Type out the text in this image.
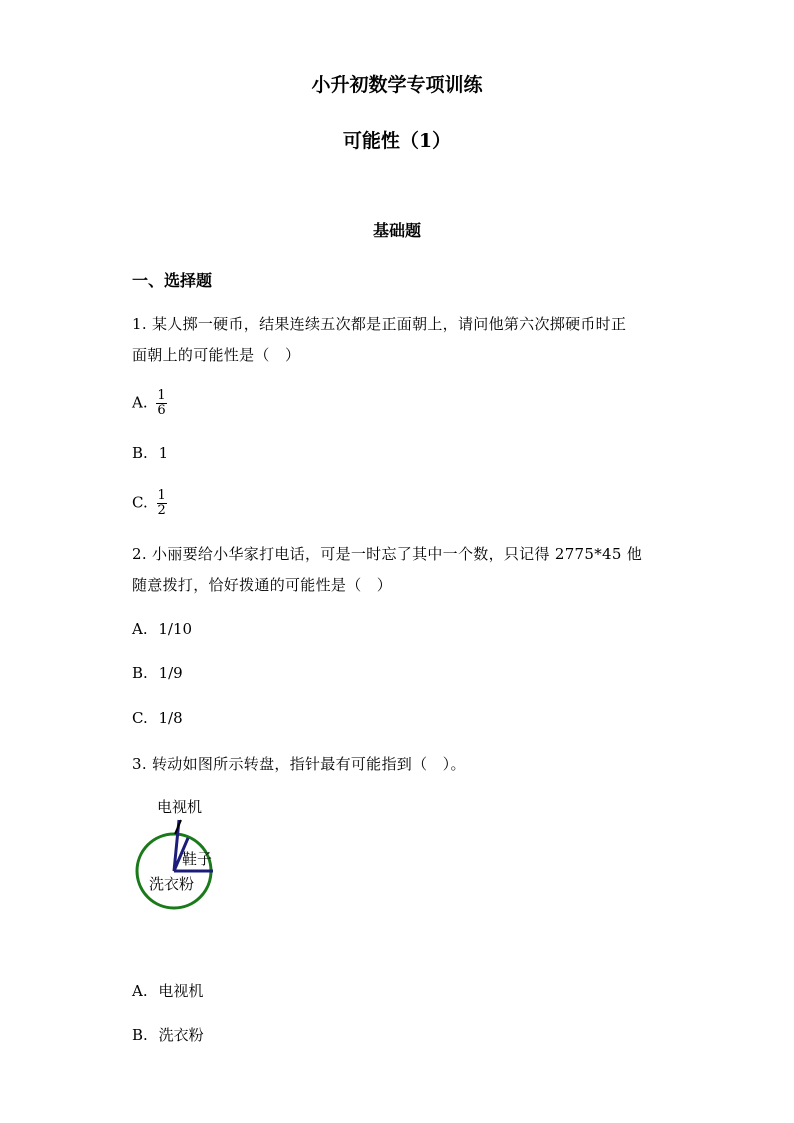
小升初数学专项训练
可能性（1）
基础题
一、选择题
1. 某人掷一硬币，结果连续五次都是正面朝上，请问他第六次掷硬币时正
面朝上的可能性是（　）
A. $\frac{1}{6}$
B. 1
C. $\frac{1}{2}$
2. 小丽要给小华家打电话，可是一时忘了其中一个数，只记得 2775*45 他
随意拨打，恰好拨通的可能性是（　）
A. 1/10
B. 1/9
C. 1/8
3. 转动如图所示转盘，指针最有可能指到（　）。
电视机
鞋子
洗衣粉
A. 电视机
B. 洗衣粉
